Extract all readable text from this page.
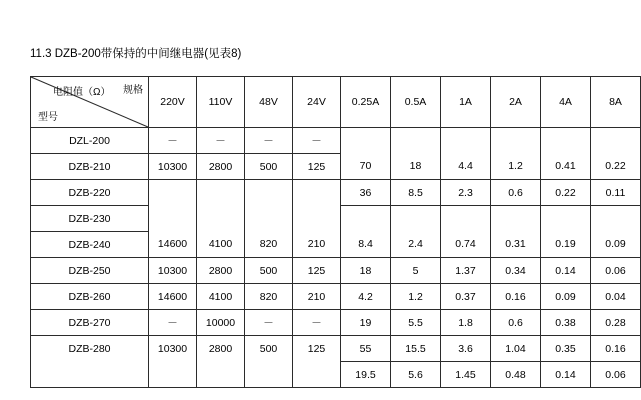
11.3 DZB-200带保持的中间继电器(见表8)
电阻值（Ω） 规格
型号	220V	110V	48V	24V	0.25A	0.5A	1A	2A	4A	8A
DZL-200	－	－	－	－						
DZB-210	10300	2800	500	125	70	18	4.4	1.2	0.41	0.22
DZB-220					36	8.5	2.3	0.6	0.22	0.11
DZB-230										
DZB-240	14600	4100	820	210	8.4	2.4	0.74	0.31	0.19	0.09
DZB-250	10300	2800	500	125	18	5	1.37	0.34	0.14	0.06
DZB-260	14600	4100	820	210	4.2	1.2	0.37	0.16	0.09	0.04
DZB-270	－	10000	－	－	19	5.5	1.8	0.6	0.38	0.28
DZB-280	10300	2800	500	125	55	15.5	3.6	1.04	0.35	0.16
					19.5	5.6	1.45	0.48	0.14	0.06
